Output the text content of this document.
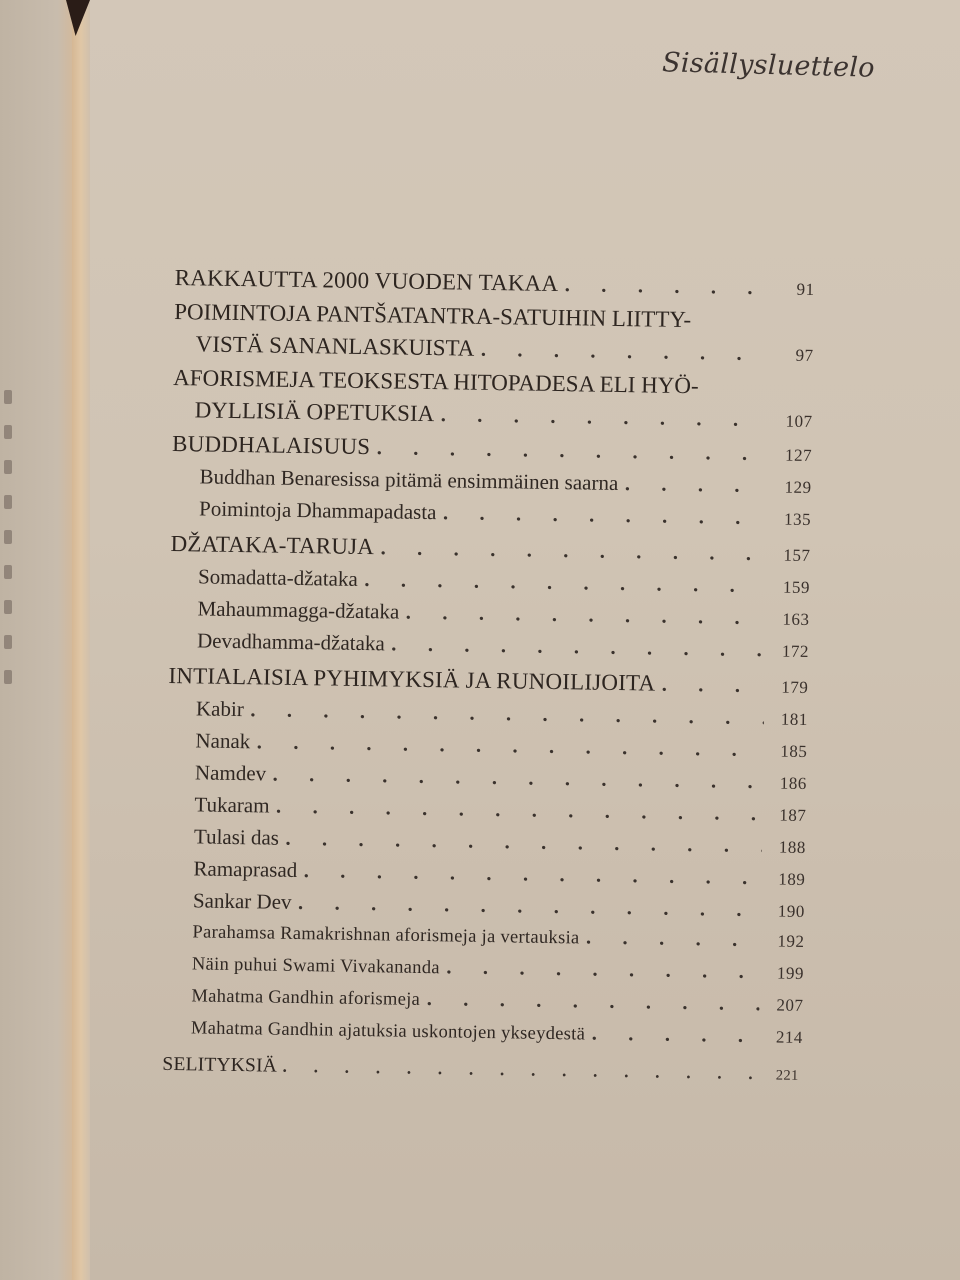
Sisällysluettelo
RAKKAUTTA 2000 VUODEN TAKAA . . .	91
POIMINTOJA PANTŠATANTRA-SATUIHIN LIITTY-
VISTÄ SANANLASKUISTA . . .	97
AFORISMEJA TEOKSESTA HITOPADESA ELI HYÖ-
DYLLISIÄ OPETUKSIA . . .	107
BUDDHALAISUUS . . .	127
Buddhan Benaresissa pitämä ensimmäinen saarna . . .	129
Poimintoja Dhammapadasta . . .	135
DŽATAKA-TARUJA . . .	157
Somadatta-džataka . . .	159
Mahaummagga-džataka . . .	163
Devadhamma-džataka . . .	172
INTIALAISIA PYHIMYKSIÄ JA RUNOILIJOITA . . .	179
Kabir . . .	181
Nanak . . .	185
Namdev . . .	186
Tukaram . . .	187
Tulasi das . . .	188
Ramaprasad . . .	189
Sankar Dev . . .	190
Parahamsa Ramakrishnan aforismeja ja vertauksia . . .	192
Näin puhui Swami Vivakananda . . .	199
Mahatma Gandhin aforismeja . . .	207
Mahatma Gandhin ajatuksia uskontojen ykseydestä . . .	214
SELITYKSIÄ . . .	221
